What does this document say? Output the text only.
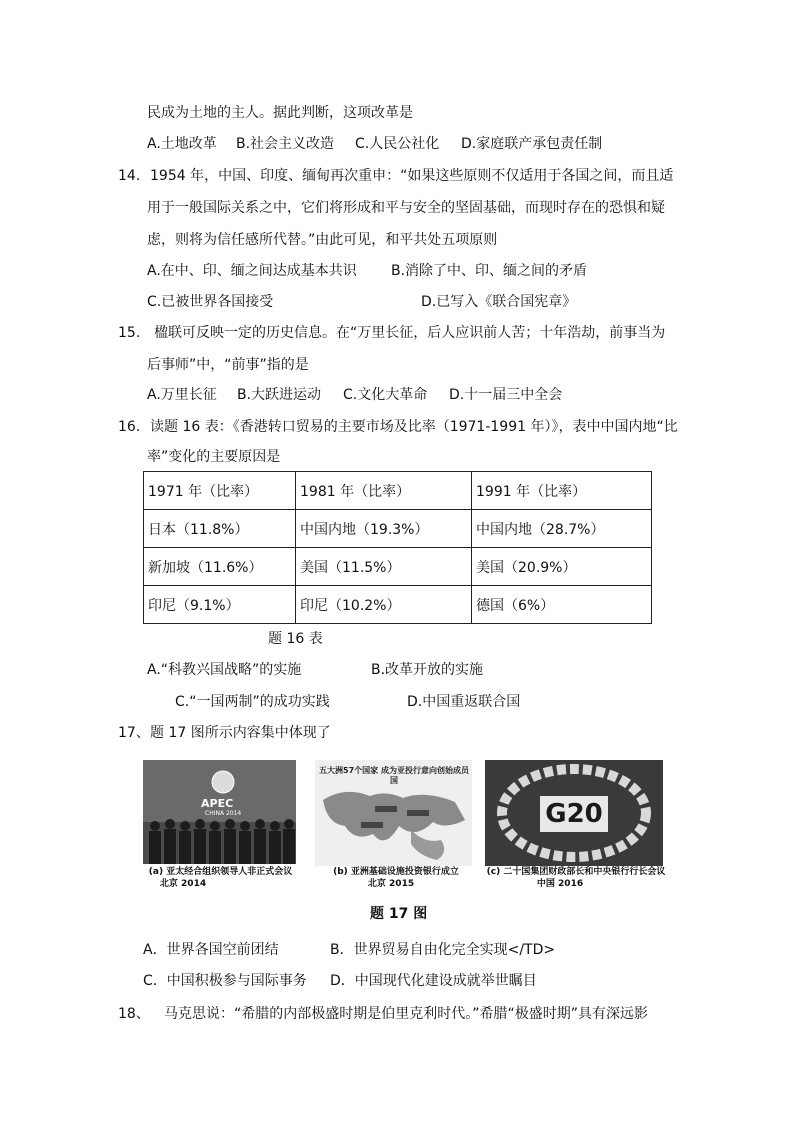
民成为土地的主人。据此判断，这项改革是
A.土地改革 B.社会主义改造 C.人民公社化 D.家庭联产承包责任制
14. 1954 年，中国、印度、缅甸再次重申：“如果这些原则不仅适用于各国之间，而且适
用于一般国际关系之中，它们将形成和平与安全的坚固基础，而现时存在的恐惧和疑
虑，则将为信任感所代替。”由此可见，和平共处五项原则
A.在中、印、缅之间达成基本共识 B.消除了中、印、缅之间的矛盾
C.已被世界各国接受	D.已写入《联合国宪章》
15. 楹联可反映一定的历史信息。在“万里长征，后人应识前人苦；十年浩劫，前事当为
后事师”中，“前事”指的是
A.万里长征 B.大跃进运动 C.文化大革命 D.十一届三中全会
16. 读题 16 表：《香港转口贸易的主要市场及比率（1971-1991 年）》，表中中国内地“比
率”变化的主要原因是
1971 年（比率）	1981 年（比率）	1991 年（比率）
日本（11.8%）	中国内地（19.3%）	中国内地（28.7%）
新加坡（11.6%）	美国（11.5%）	美国（20.9%）
印尼（9.1%）	印尼（10.2%）	德国（6%）
题 16 表
A.“科教兴国战略”的实施	B.改革开放的实施
C.“一国两制”的成功实践	D.中国重返联合国
17、 题 17 图所示内容集中体现了
APEC
CHINA 2014
(a) 亚太经合组织领导人非正式会议
北京 2014
五大洲57个国家 成为亚投行意向创始成员国
(b) 亚洲基础设施投资银行成立
北京 2015
G20
(c) 二十国集团财政部长和中央银行行长会议
中国 2016
题 17 图
A．世界各国空前团结	B．世界贸易自由化完全实现</TD>
C．中国积极参与国际事务 D．中国现代化建设成就举世瞩目
18、 马克思说：“希腊的内部极盛时期是伯里克利时代。”希腊“极盛时期”具有深远影
